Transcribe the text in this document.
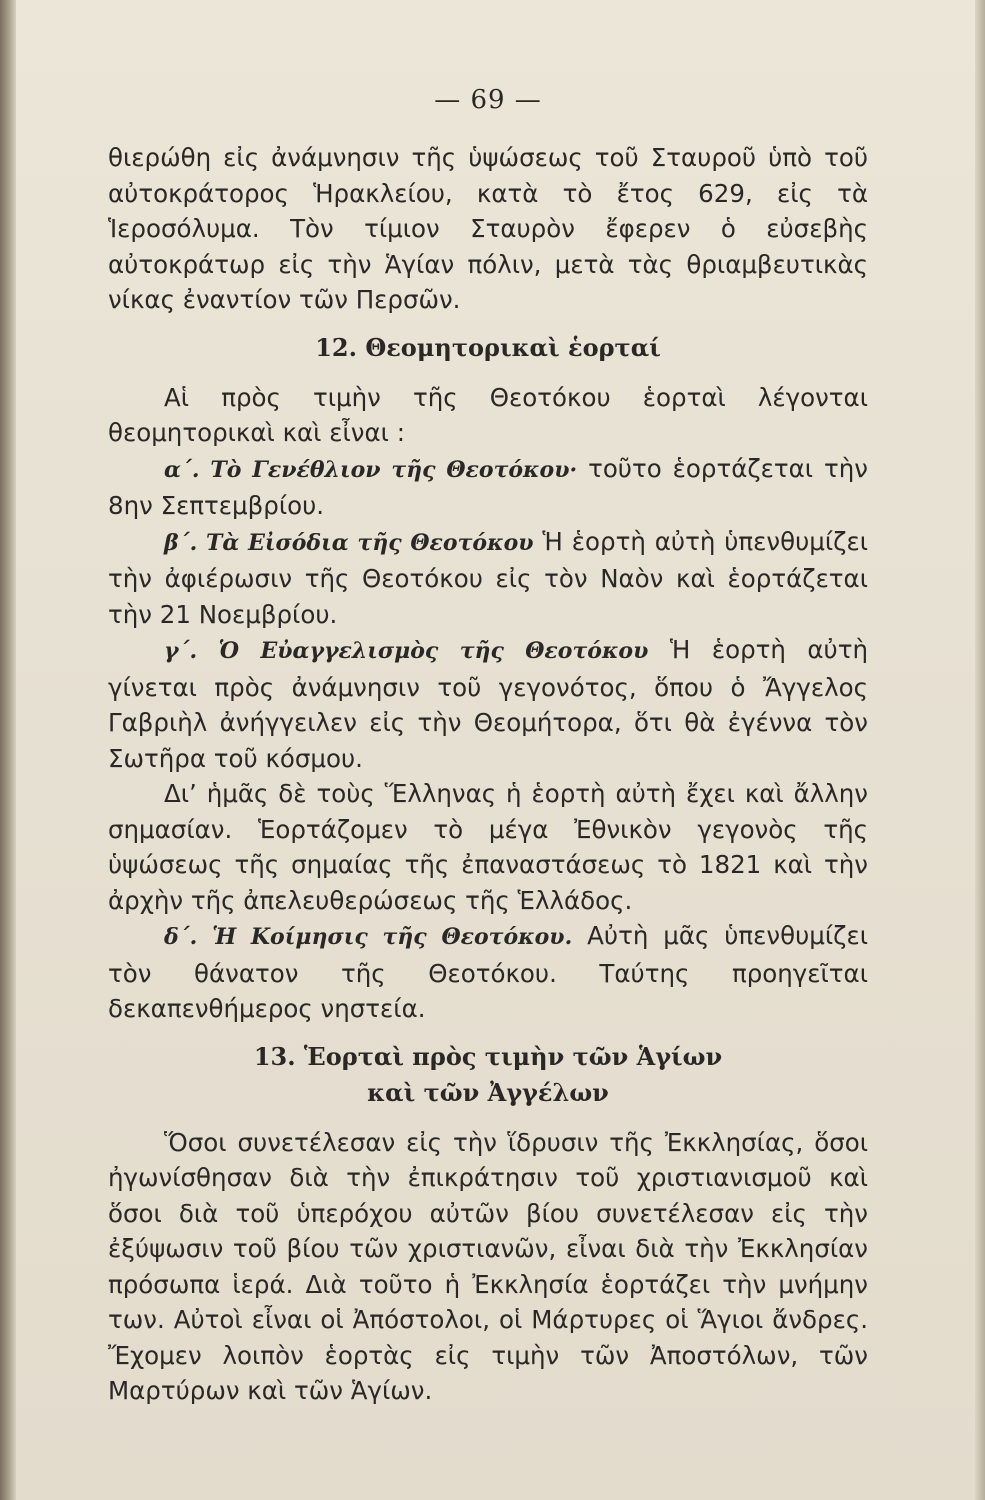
— 69 —

θιερώθη εἰς ἀνάμνησιν τῆς ὑψώσεως τοῦ Σταυροῦ ὑπὸ τοῦ αὐτοκράτορος Ἡρακλείου, κατὰ τὸ ἔτος 629, εἰς τὰ Ἱεροσόλυμα. Τὸν τίμιον Σταυρὸν ἔφερεν ὁ εὐσεβὴς αὐτοκράτωρ εἰς τὴν Ἁγίαν πόλιν, μετὰ τὰς θριαμβευτικὰς νίκας ἐναντίον τῶν Περσῶν.

12. Θεομητορικαὶ ἑορταί

Αἱ πρὸς τιμὴν τῆς Θεοτόκου ἑορταὶ λέγονται θεομητορικαὶ καὶ εἶναι :

α΄. Τὸ Γενέθλιον τῆς Θεοτόκου· τοῦτο ἑορτάζεται τὴν 8ην Σεπτεμβρίου.

β΄. Τὰ Εἰσόδια τῆς Θεοτόκου Ἡ ἑορτὴ αὐτὴ ὑπενθυμίζει τὴν ἀφιέρωσιν τῆς Θεοτόκου εἰς τὸν Ναὸν καὶ ἑορτάζεται τὴν 21 Νοεμβρίου.

γ΄. Ὁ Εὐαγγελισμὸς τῆς Θεοτόκου Ἡ ἑορτὴ αὐτὴ γίνεται πρὸς ἀνάμνησιν τοῦ γεγονότος, ὅπου ὁ Ἄγγελος Γαβριὴλ ἀνήγγειλεν εἰς τὴν Θεομήτορα, ὅτι θὰ ἐγέννα τὸν Σωτῆρα τοῦ κόσμου.

Δι’ ἡμᾶς δὲ τοὺς Ἕλληνας ἡ ἑορτὴ αὐτὴ ἔχει καὶ ἄλλην σημασίαν. Ἑορτάζομεν τὸ μέγα Ἐθνικὸν γεγονὸς τῆς ὑψώσεως τῆς σημαίας τῆς ἐπαναστάσεως τὸ 1821 καὶ τὴν ἀρχὴν τῆς ἀπελευθερώσεως τῆς Ἑλλάδος.

δ΄. Ἡ Κοίμησις τῆς Θεοτόκου. Αὐτὴ μᾶς ὑπενθυμίζει τὸν θάνατον τῆς Θεοτόκου. Ταύτης προηγεῖται δεκαπενθήμερος νηστεία.

13. Ἑορταὶ πρὸς τιμὴν τῶν Ἁγίων
καὶ τῶν Ἀγγέλων

Ὅσοι συνετέλεσαν εἰς τὴν ἵδρυσιν τῆς Ἐκκλησίας, ὅσοι ἠγωνίσθησαν διὰ τὴν ἐπικράτησιν τοῦ χριστιανισμοῦ καὶ ὅσοι διὰ τοῦ ὑπερόχου αὐτῶν βίου συνετέλεσαν εἰς τὴν ἐξύψωσιν τοῦ βίου τῶν χριστιανῶν, εἶναι διὰ τὴν Ἐκκλησίαν πρόσωπα ἱερά. Διὰ τοῦτο ἡ Ἐκκλησία ἑορτάζει τὴν μνήμην των. Αὐτοὶ εἶναι οἱ Ἀπόστολοι, οἱ Μάρτυρες οἱ Ἅγιοι ἄνδρες. Ἔχομεν λοιπὸν ἑορτὰς εἰς τιμὴν τῶν Ἀποστόλων, τῶν Μαρτύρων καὶ τῶν Ἁγίων.
